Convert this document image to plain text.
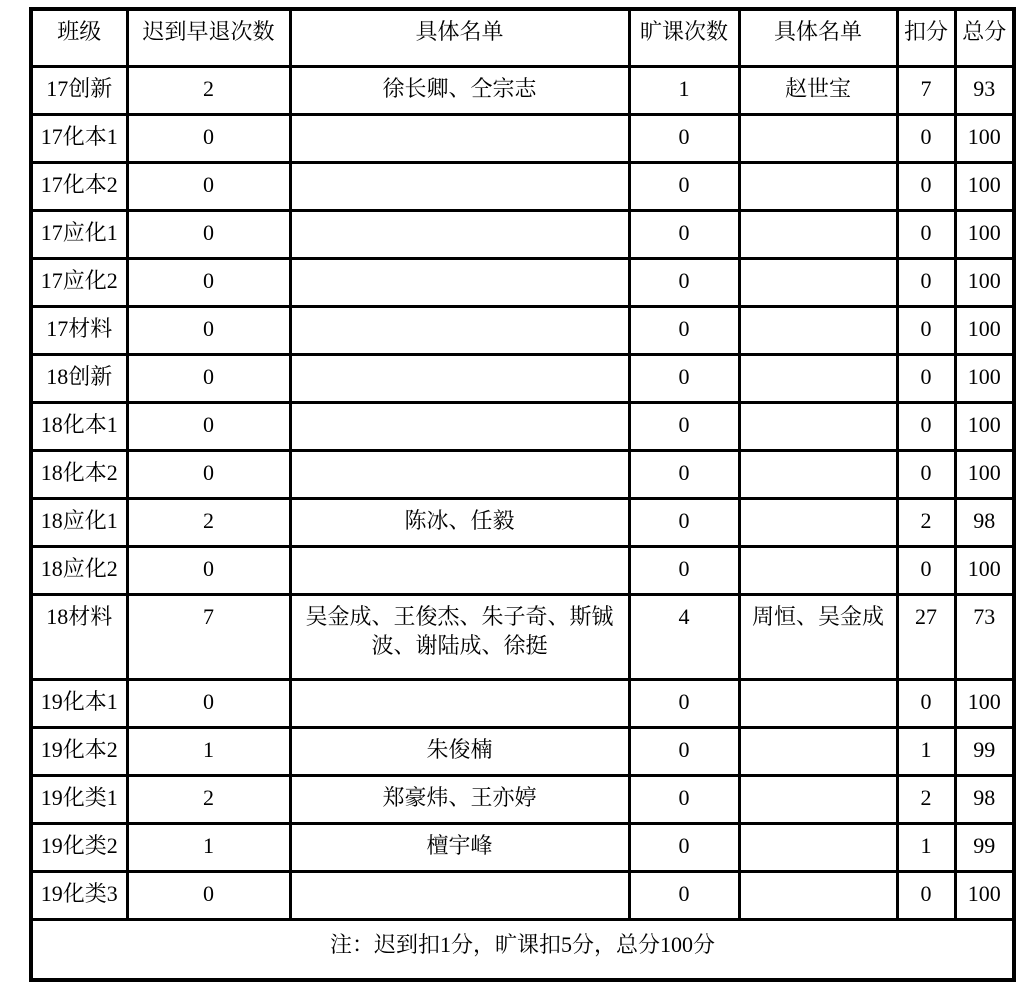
班级	迟到早退次数	具体名单	旷课次数	具体名单	扣分	总分
17创新	2	徐长卿、仝宗志	1	赵世宝	7	93
17化本1	0		0		0	100
17化本2	0		0		0	100
17应化1	0		0		0	100
17应化2	0		0		0	100
17材料	0		0		0	100
18创新	0		0		0	100
18化本1	0		0		0	100
18化本2	0		0		0	100
18应化1	2	陈冰、任毅	0		2	98
18应化2	0		0		0	100
18材料	7	吴金成、王俊杰、朱子奇、斯铖波、谢陆成、徐挺	4	周恒、吴金成	27	73
19化本1	0		0		0	100
19化本2	1	朱俊楠	0		1	99
19化类1	2	郑豪炜、王亦婷	0		2	98
19化类2	1	檀宇峰	0		1	99
19化类3	0		0		0	100
注：迟到扣1分，旷课扣5分，总分100分						
